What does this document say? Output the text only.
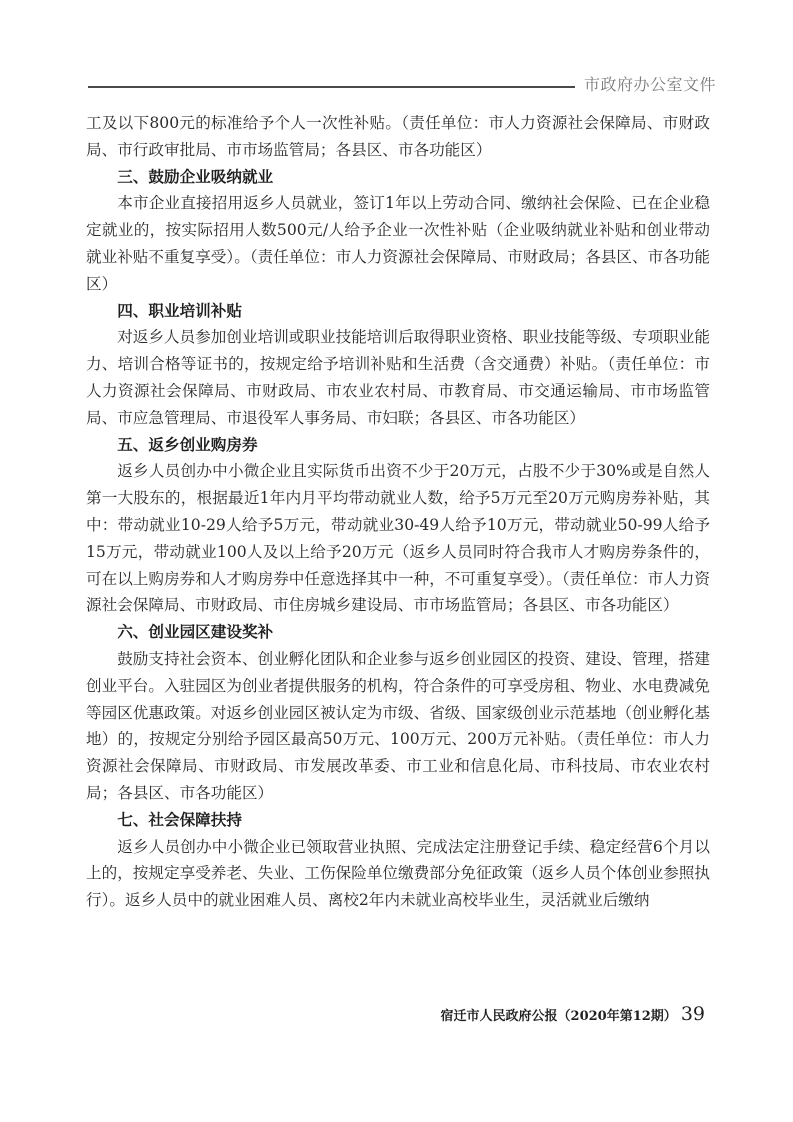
市政府办公室文件

工及以下800元的标准给予个人一次性补贴。（责任单位：市人力资源社会保障局、市财政局、市行政审批局、市市场监管局；各县区、市各功能区）

三、鼓励企业吸纳就业

本市企业直接招用返乡人员就业，签订1年以上劳动合同、缴纳社会保险、已在企业稳定就业的，按实际招用人数500元/人给予企业一次性补贴（企业吸纳就业补贴和创业带动就业补贴不重复享受）。（责任单位：市人力资源社会保障局、市财政局；各县区、市各功能区）

四、职业培训补贴

对返乡人员参加创业培训或职业技能培训后取得职业资格、职业技能等级、专项职业能力、培训合格等证书的，按规定给予培训补贴和生活费（含交通费）补贴。（责任单位：市人力资源社会保障局、市财政局、市农业农村局、市教育局、市交通运输局、市市场监管局、市应急管理局、市退役军人事务局、市妇联；各县区、市各功能区）

五、返乡创业购房券

返乡人员创办中小微企业且实际货币出资不少于20万元，占股不少于30%或是自然人第一大股东的，根据最近1年内月平均带动就业人数，给予5万元至20万元购房券补贴，其中：带动就业10-29人给予5万元，带动就业30-49人给予10万元，带动就业50-99人给予15万元，带动就业100人及以上给予20万元（返乡人员同时符合我市人才购房券条件的，可在以上购房券和人才购房券中任意选择其中一种，不可重复享受）。（责任单位：市人力资源社会保障局、市财政局、市住房城乡建设局、市市场监管局；各县区、市各功能区）

六、创业园区建设奖补

鼓励支持社会资本、创业孵化团队和企业参与返乡创业园区的投资、建设、管理，搭建创业平台。入驻园区为创业者提供服务的机构，符合条件的可享受房租、物业、水电费减免等园区优惠政策。对返乡创业园区被认定为市级、省级、国家级创业示范基地（创业孵化基地）的，按规定分别给予园区最高50万元、100万元、200万元补贴。（责任单位：市人力资源社会保障局、市财政局、市发展改革委、市工业和信息化局、市科技局、市农业农村局；各县区、市各功能区）

七、社会保障扶持

返乡人员创办中小微企业已领取营业执照、完成法定注册登记手续、稳定经营6个月以上的，按规定享受养老、失业、工伤保险单位缴费部分免征政策（返乡人员个体创业参照执行）。返乡人员中的就业困难人员、离校2年内未就业高校毕业生，灵活就业后缴纳

宿迁市人民政府公报（2020年第12期） 39
